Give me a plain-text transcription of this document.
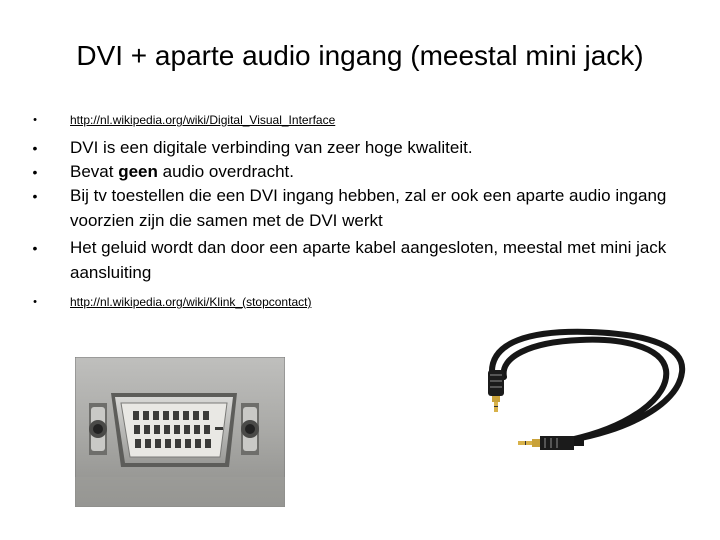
DVI + aparte audio ingang (meestal mini jack)
•	http://nl.wikipedia.org/wiki/Digital_Visual_Interface
• DVI is een digitale verbinding van zeer hoge kwaliteit.
• Bevat geen audio overdracht.
• Bij tv toestellen die een DVI ingang hebben, zal er ook een aparte audio ingang voorzien zijn die samen met de DVI werkt
• Het geluid wordt dan door een aparte kabel aangesloten, meestal met mini jack aansluiting
•	http://nl.wikipedia.org/wiki/Klink_(stopcontact)
